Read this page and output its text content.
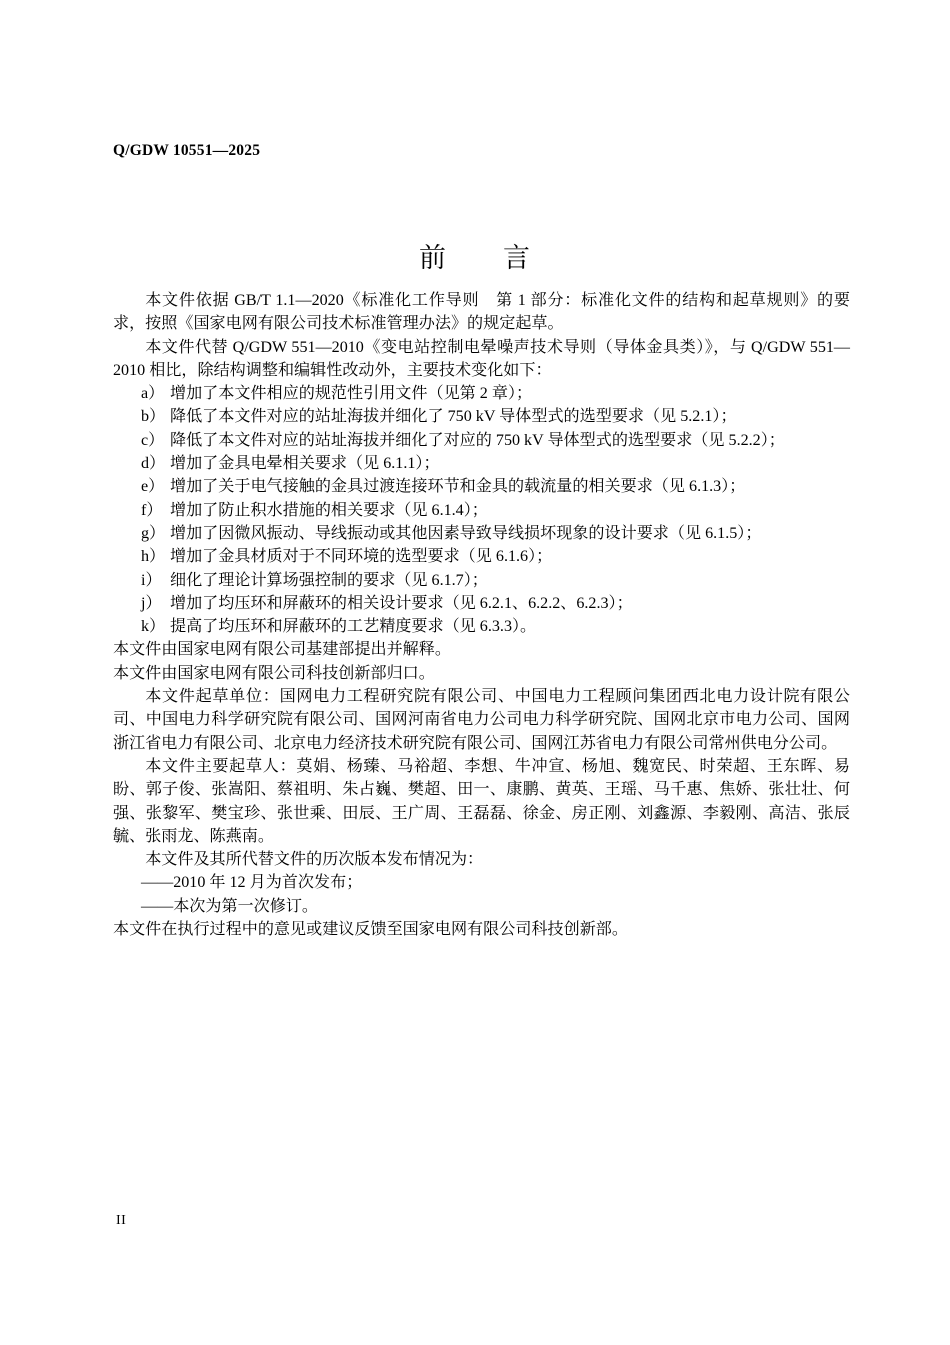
Q/GDW 10551—2025
前　　言

本文件依据 GB/T 1.1—2020《标准化工作导则　第 1 部分：标准化文件的结构和起草规则》的要求，按照《国家电网有限公司技术标准管理办法》的规定起草。

本文件代替 Q/GDW 551—2010《变电站控制电晕噪声技术导则（导体金具类）》，与 Q/GDW 551—2010 相比，除结构调整和编辑性改动外，主要技术变化如下：

a） 增加了本文件相应的规范性引用文件（见第 2 章）；

b） 降低了本文件对应的站址海拔并细化了 750 kV 导体型式的选型要求（见 5.2.1）；

c） 降低了本文件对应的站址海拔并细化了对应的 750 kV 导体型式的选型要求（见 5.2.2）；

d） 增加了金具电晕相关要求（见 6.1.1）；

e） 增加了关于电气接触的金具过渡连接环节和金具的载流量的相关要求（见 6.1.3）；

f） 增加了防止积水措施的相关要求（见 6.1.4）；

g） 增加了因微风振动、导线振动或其他因素导致导线损坏现象的设计要求（见 6.1.5）；

h） 增加了金具材质对于不同环境的选型要求（见 6.1.6）；

i） 细化了理论计算场强控制的要求（见 6.1.7）；

j） 增加了均压环和屏蔽环的相关设计要求（见 6.2.1、6.2.2、6.2.3）；

k） 提高了均压环和屏蔽环的工艺精度要求（见 6.3.3）。

本文件由国家电网有限公司基建部提出并解释。

本文件由国家电网有限公司科技创新部归口。

本文件起草单位：国网电力工程研究院有限公司、中国电力工程顾问集团西北电力设计院有限公司、中国电力科学研究院有限公司、国网河南省电力公司电力科学研究院、国网北京市电力公司、国网浙江省电力有限公司、北京电力经济技术研究院有限公司、国网江苏省电力有限公司常州供电分公司。

本文件主要起草人：莫娟、杨臻、马裕超、李想、牛冲宣、杨旭、魏宽民、时荣超、王东晖、易盼、郭子俊、张嵩阳、蔡祖明、朱占巍、樊超、田一、康鹏、黄英、王瑶、马千惠、焦娇、张壮壮、何强、张黎军、樊宝珍、张世乘、田辰、王广周、王磊磊、徐金、房正刚、刘鑫源、李毅刚、高洁、张辰毓、张雨龙、陈燕南。

本文件及其所代替文件的历次版本发布情况为：

——2010 年 12 月为首次发布；

——本次为第一次修订。

本文件在执行过程中的意见或建议反馈至国家电网有限公司科技创新部。

II
